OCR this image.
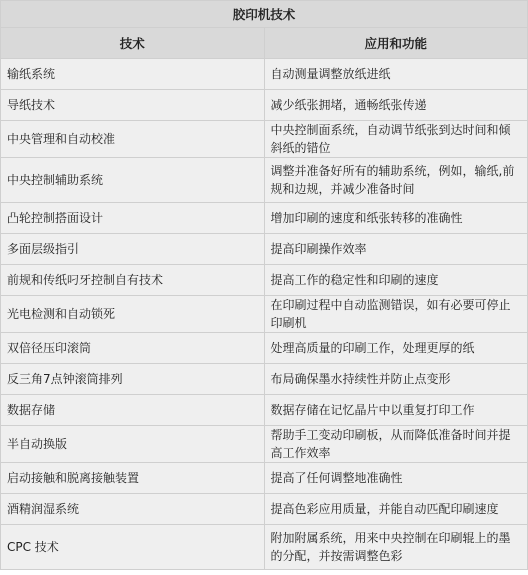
胶印机技术	
技术	应用和功能
输纸系统	自动测量调整放纸进纸
导纸技术	减少纸张拥堵，通畅纸张传递
中央管理和自动校准	中央控制面系统，自动调节纸张到达时间和倾斜纸的错位
中央控制辅助系统	调整并准备好所有的辅助系统，例如，输纸,前规和边规，并减少准备时间
凸轮控制搭面设计	增加印刷的速度和纸张转移的准确性
多面层级指引	提高印刷操作效率
前规和传纸叼牙控制自有技术	提高工作的稳定性和印刷的速度
光电检测和自动锁死	在印刷过程中自动监测错误，如有必要可停止印刷机
双倍径压印滚筒	处理高质量的印刷工作，处理更厚的纸
反三角7点钟滚筒排列	布局确保墨水持续性并防止点变形
数据存储	数据存储在记忆晶片中以重复打印工作
半自动换版	帮助手工变动印刷板，从而降低准备时间并提高工作效率
启动接触和脱离接触装置	提高了任何调整地准确性
酒精润湿系统	提高色彩应用质量，并能自动匹配印刷速度
CPC 技术	附加附属系统，用来中央控制在印刷辊上的墨的分配，并按需调整色彩
